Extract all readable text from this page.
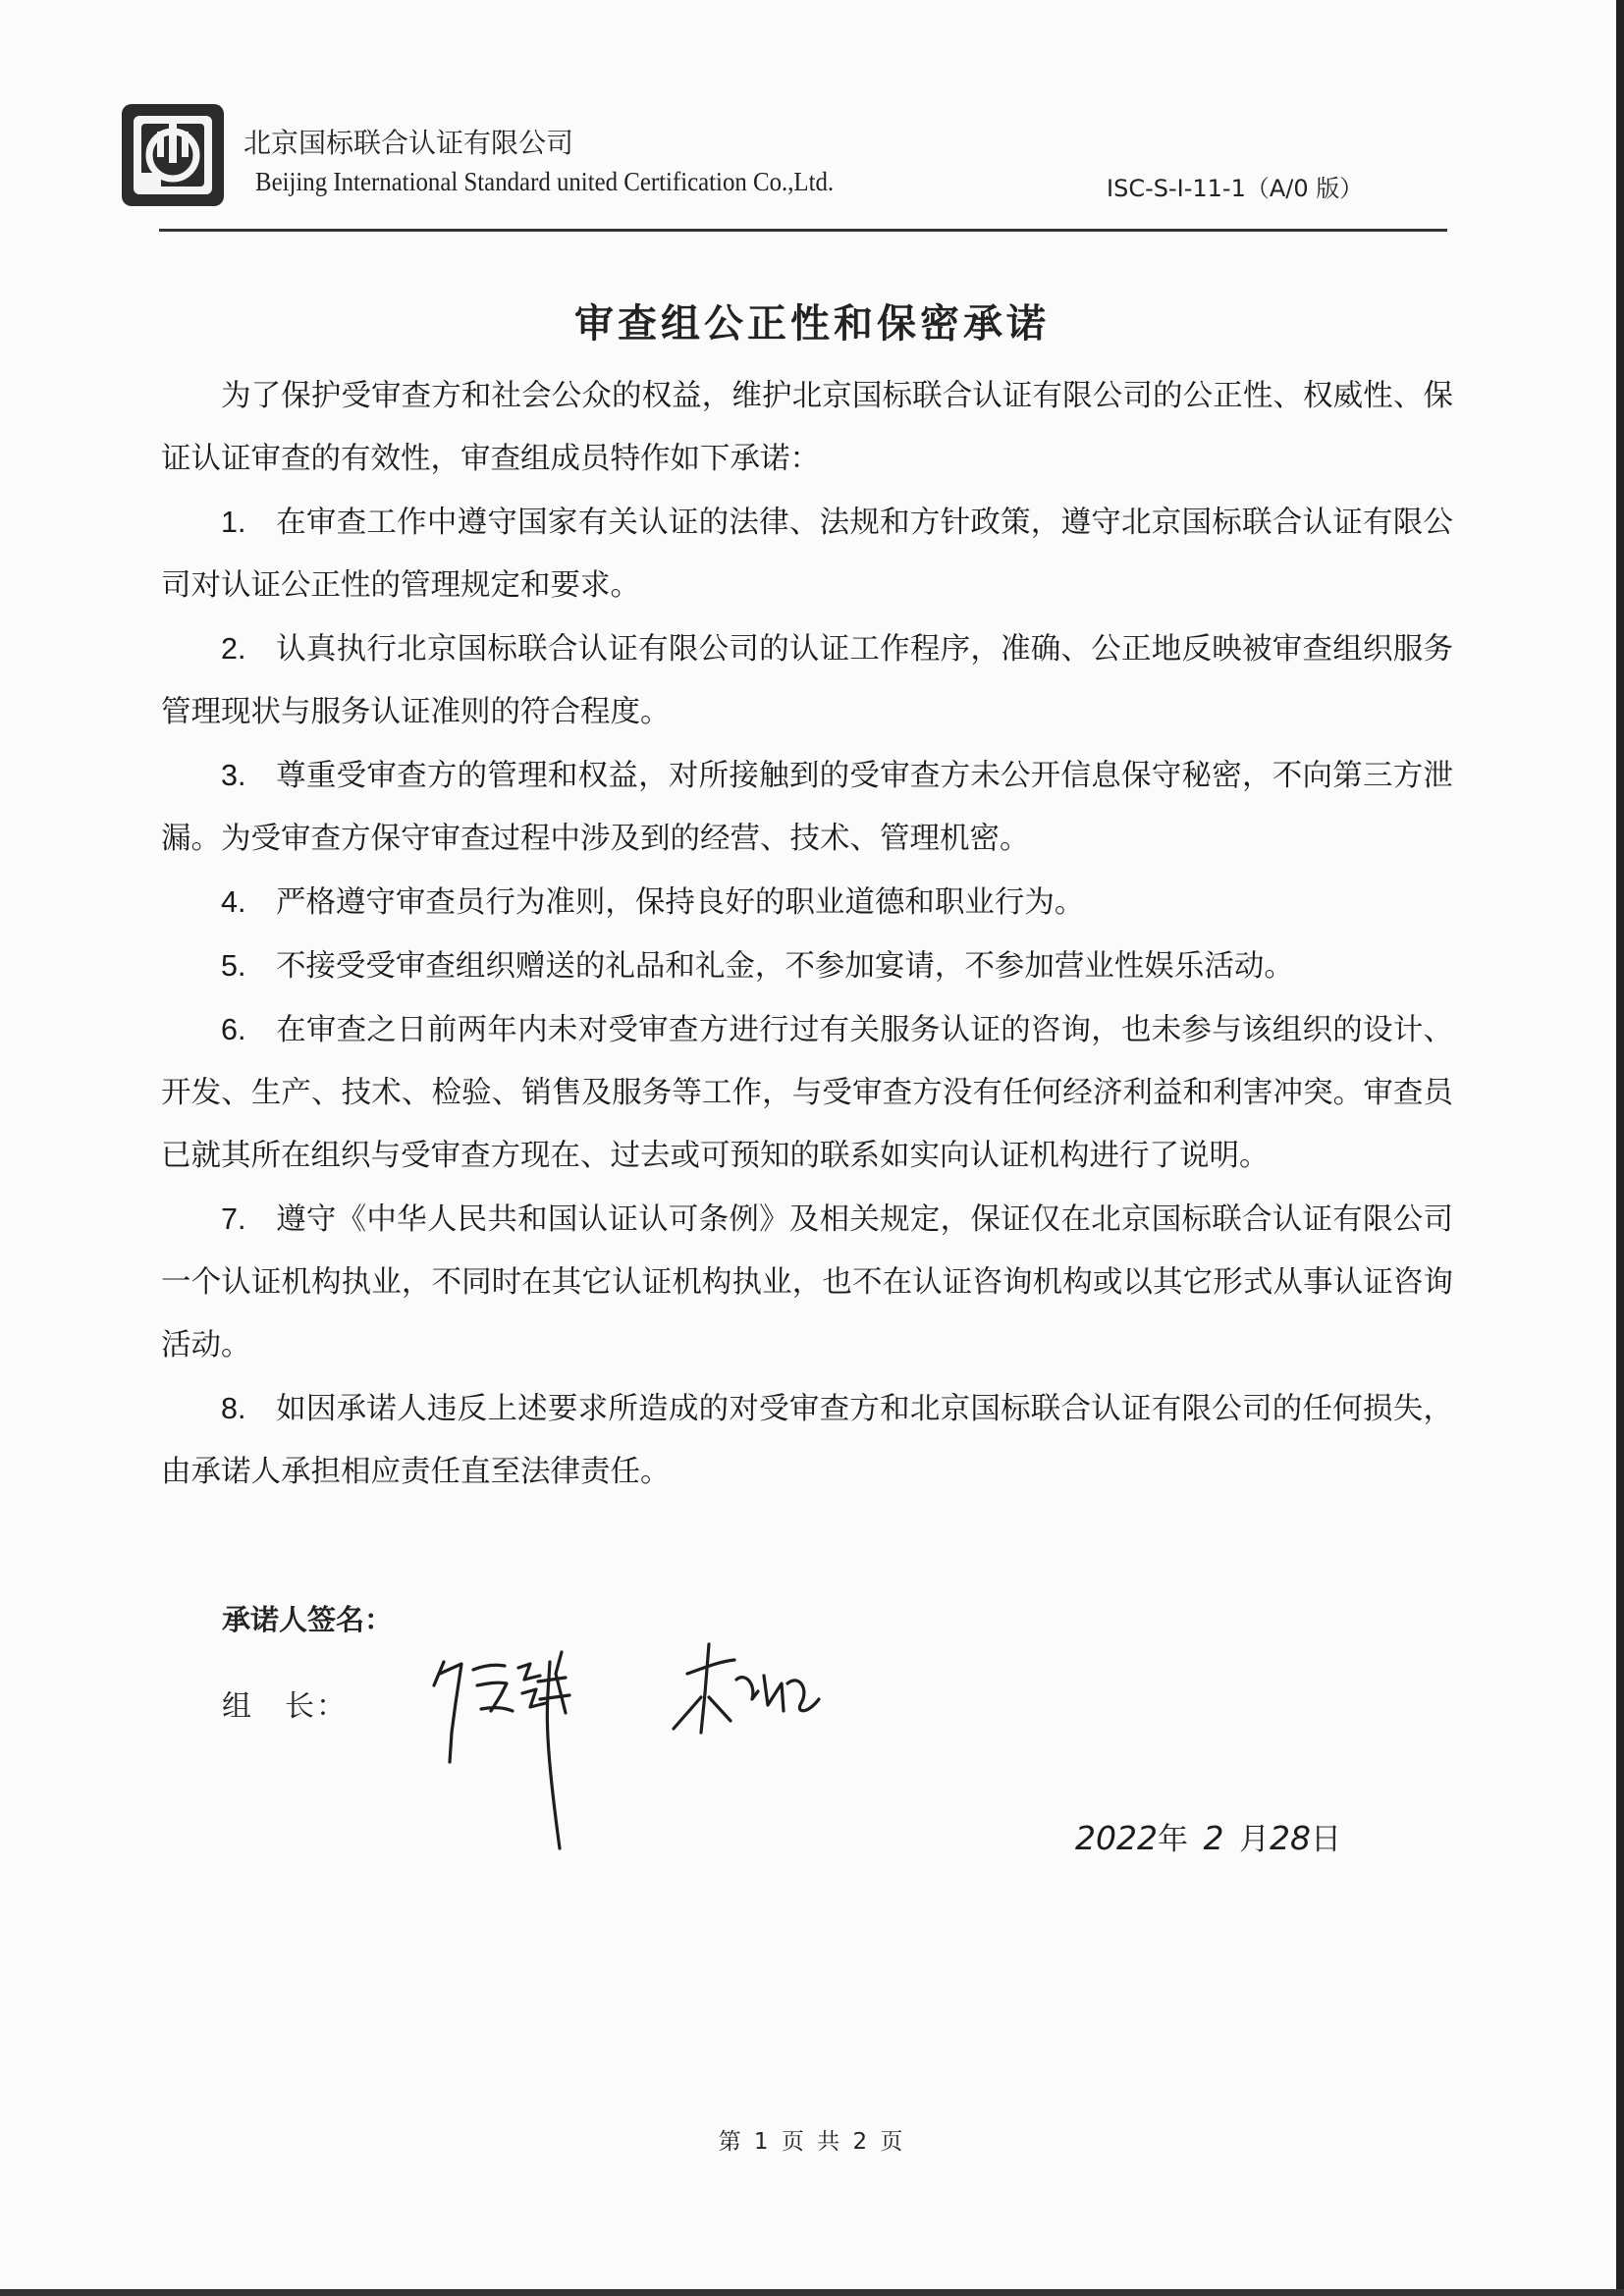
北京国标联合认证有限公司
Beijing International Standard united Certification Co.,Ltd.	ISC-S-I-11-1（A/0 版）
审查组公正性和保密承诺

为了保护受审查方和社会公众的权益，维护北京国标联合认证有限公司的公正性、权威性、保证认证审查的有效性，审查组成员特作如下承诺：

1.  在审查工作中遵守国家有关认证的法律、法规和方针政策，遵守北京国标联合认证有限公司对认证公正性的管理规定和要求。

2.  认真执行北京国标联合认证有限公司的认证工作程序，准确、公正地反映被审查组织服务管理现状与服务认证准则的符合程度。

3.  尊重受审查方的管理和权益，对所接触到的受审查方未公开信息保守秘密，不向第三方泄漏。为受审查方保守审查过程中涉及到的经营、技术、管理机密。

4.  严格遵守审查员行为准则，保持良好的职业道德和职业行为。

5.  不接受受审查组织赠送的礼品和礼金，不参加宴请，不参加营业性娱乐活动。

6.  在审查之日前两年内未对受审查方进行过有关服务认证的咨询，也未参与该组织的设计、开发、生产、技术、检验、销售及服务等工作，与受审查方没有任何经济利益和利害冲突。审查员已就其所在组织与受审查方现在、过去或可预知的联系如实向认证机构进行了说明。

7.  遵守《中华人民共和国认证认可条例》及相关规定，保证仅在北京国标联合认证有限公司一个认证机构执业，不同时在其它认证机构执业，也不在认证咨询机构或以其它形式从事认证咨询活动。

8.  如因承诺人违反上述要求所造成的对受审查方和北京国标联合认证有限公司的任何损失，由承诺人承担相应责任直至法律责任。

承诺人签名：
组　长：
2022年  2  月28日
第 1 页 共 2 页
